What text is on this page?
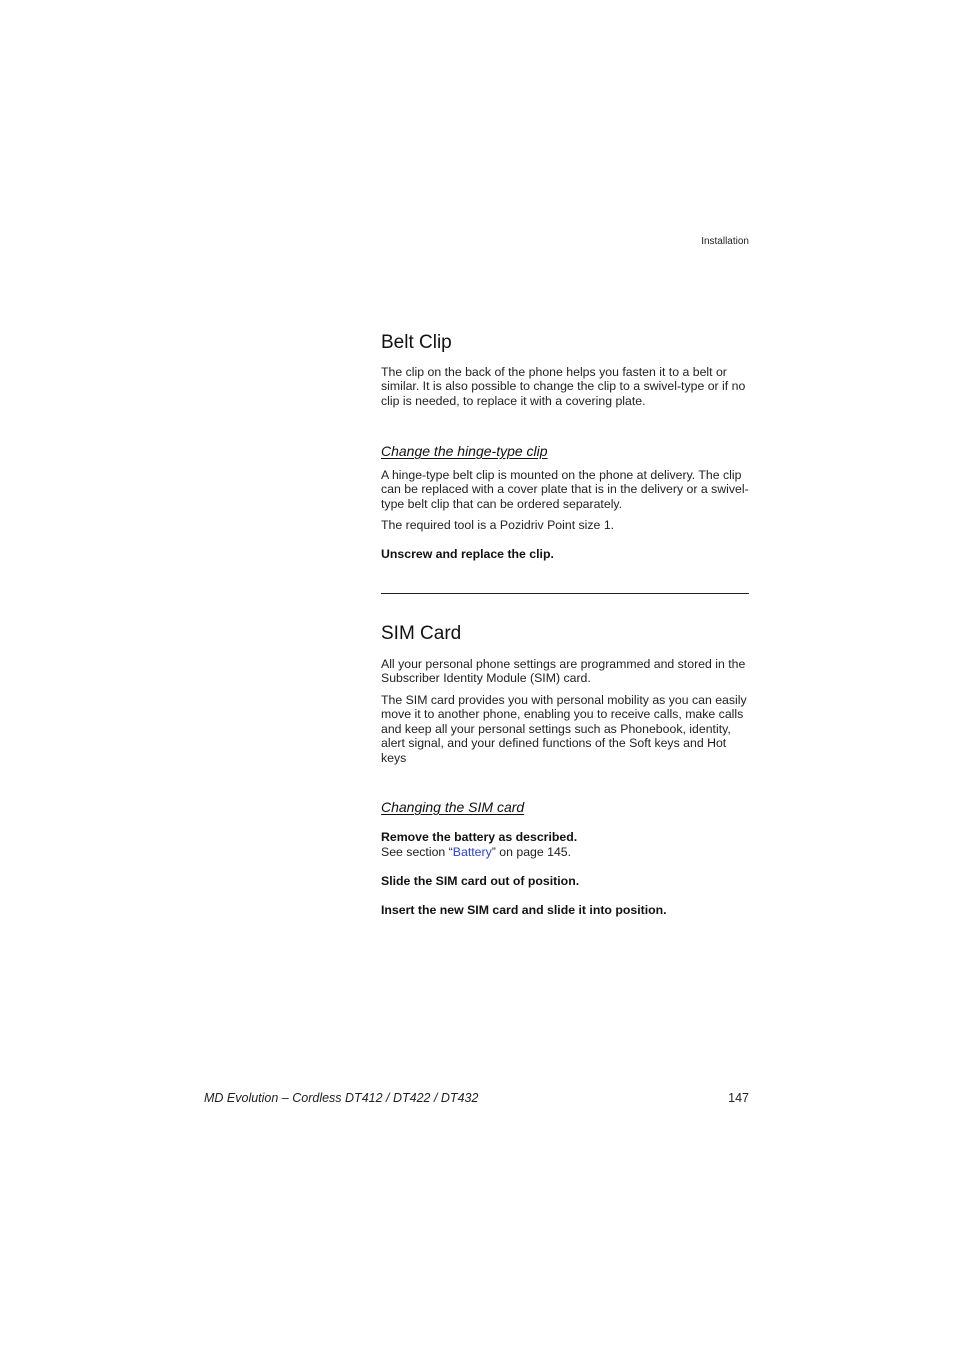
Installation
Belt Clip

The clip on the back of the phone helps you fasten it to a belt or similar. It is also possible to change the clip to a swivel-type or if no clip is needed, to replace it with a covering plate.

Change the hinge-type clip

A hinge-type belt clip is mounted on the phone at delivery. The clip can be replaced with a cover plate that is in the delivery or a swivel-type belt clip that can be ordered separately.

The required tool is a Pozidriv Point size 1.

Unscrew and replace the clip.
SIM Card

All your personal phone settings are programmed and stored in the Subscriber Identity Module (SIM) card.

The SIM card provides you with personal mobility as you can easily move it to another phone, enabling you to receive calls, make calls and keep all your personal settings such as Phonebook, identity, alert signal, and your defined functions of the Soft keys and Hot keys

Changing the SIM card
Remove the battery as described.
See section “Battery” on page 145.
Slide the SIM card out of position.
Insert the new SIM card and slide it into position.
MD Evolution – Cordless DT412 / DT422 / DT432	147
